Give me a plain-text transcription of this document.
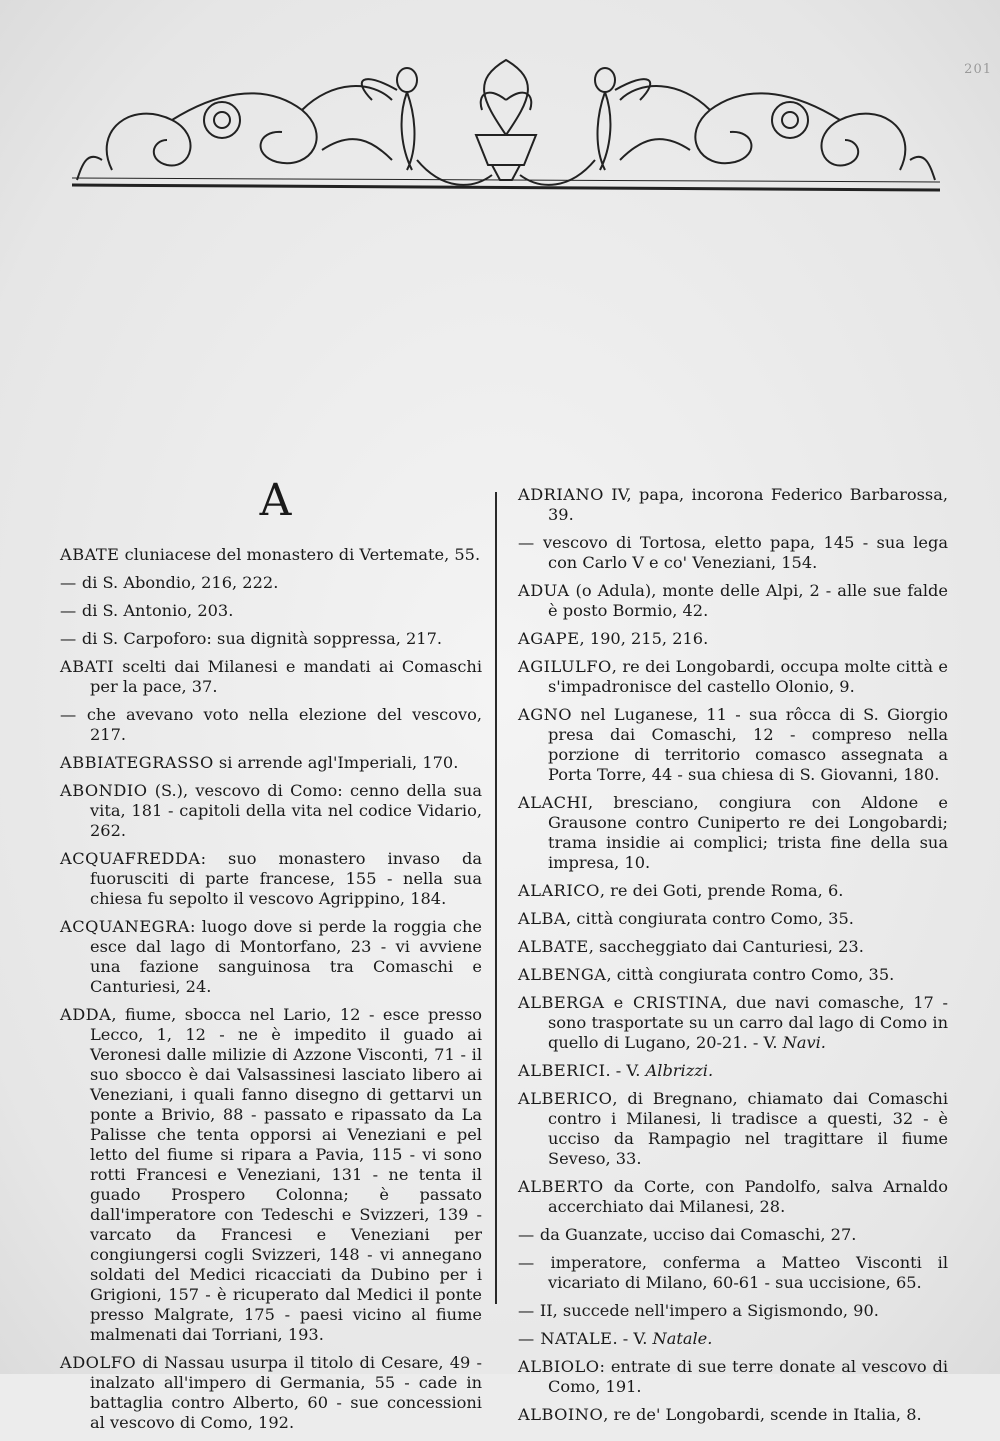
201
A

ABATE cluniacese del monastero di Vertemate, 55.

— di S. Abondio, 216, 222.

— di S. Antonio, 203.

— di S. Carpoforo: sua dignità soppressa, 217.

ABATI scelti dai Milanesi e mandati ai Comaschi per la pace, 37.

— che avevano voto nella elezione del vescovo, 217.

ABBIATEGRASSO si arrende agl'Imperiali, 170.

ABONDIO (S.), vescovo di Como: cenno della sua vita, 181 - capitoli della vita nel codice Vidario, 262.

ACQUAFREDDA: suo monastero invaso da fuorusciti di parte francese, 155 - nella sua chiesa fu sepolto il vescovo Agrippino, 184.

ACQUANEGRA: luogo dove si perde la roggia che esce dal lago di Montorfano, 23 - vi avviene una fazione sanguinosa tra Comaschi e Canturiesi, 24.

ADDA, fiume, sbocca nel Lario, 12 - esce presso Lecco, 1, 12 - ne è impedito il guado ai Veronesi dalle milizie di Azzone Visconti, 71 - il suo sbocco è dai Valsassinesi lasciato libero ai Veneziani, i quali fanno disegno di gettarvi un ponte a Brivio, 88 - passato e ripassato da La Palisse che tenta opporsi ai Veneziani e pel letto del fiume si ripara a Pavia, 115 - vi sono rotti Francesi e Veneziani, 131 - ne tenta il guado Prospero Colonna; è passato dall'imperatore con Tedeschi e Svizzeri, 139 - varcato da Francesi e Veneziani per congiungersi cogli Svizzeri, 148 - vi annegano soldati del Medici ricacciati da Dubino per i Grigioni, 157 - è ricuperato dal Medici il ponte presso Malgrate, 175 - paesi vicino al fiume malmenati dai Torriani, 193.

ADOLFO di Nassau usurpa il titolo di Cesare, 49 - inalzato all'impero di Germania, 55 - cade in battaglia contro Alberto, 60 - sue concessioni al vescovo di Como, 192.

ADRIANO IV, papa, incorona Federico Barbarossa, 39.

— vescovo di Tortosa, eletto papa, 145 - sua lega con Carlo V e co' Veneziani, 154.

ADUA (o Adula), monte delle Alpi, 2 - alle sue falde è posto Bormio, 42.

AGAPE, 190, 215, 216.

AGILULFO, re dei Longobardi, occupa molte città e s'impadronisce del castello Olonio, 9.

AGNO nel Luganese, 11 - sua rôcca di S. Giorgio presa dai Comaschi, 12 - compreso nella porzione di territorio comasco assegnata a Porta Torre, 44 - sua chiesa di S. Giovanni, 180.

ALACHI, bresciano, congiura con Aldone e Grausone contro Cuniperto re dei Longobardi; trama insidie ai complici; trista fine della sua impresa, 10.

ALARICO, re dei Goti, prende Roma, 6.

ALBA, città congiurata contro Como, 35.

ALBATE, saccheggiato dai Canturiesi, 23.

ALBENGA, città congiurata contro Como, 35.

ALBERGA e CRISTINA, due navi comasche, 17 - sono trasportate su un carro dal lago di Como in quello di Lugano, 20-21. - V. Navi.

ALBERICI. - V. Albrizzi.

ALBERICO, di Bregnano, chiamato dai Comaschi contro i Milanesi, li tradisce a questi, 32 - è ucciso da Rampagio nel tragittare il fiume Seveso, 33.

ALBERTO da Corte, con Pandolfo, salva Arnaldo accerchiato dai Milanesi, 28.

— da Guanzate, ucciso dai Comaschi, 27.

— imperatore, conferma a Matteo Visconti il vicariato di Milano, 60-61 - sua uccisione, 65.

— II, succede nell'impero a Sigismondo, 90.

— NATALE. - V. Natale.

ALBIOLO: entrate di sue terre donate al vescovo di Como, 191.

ALBOINO, re de' Longobardi, scende in Italia, 8.
